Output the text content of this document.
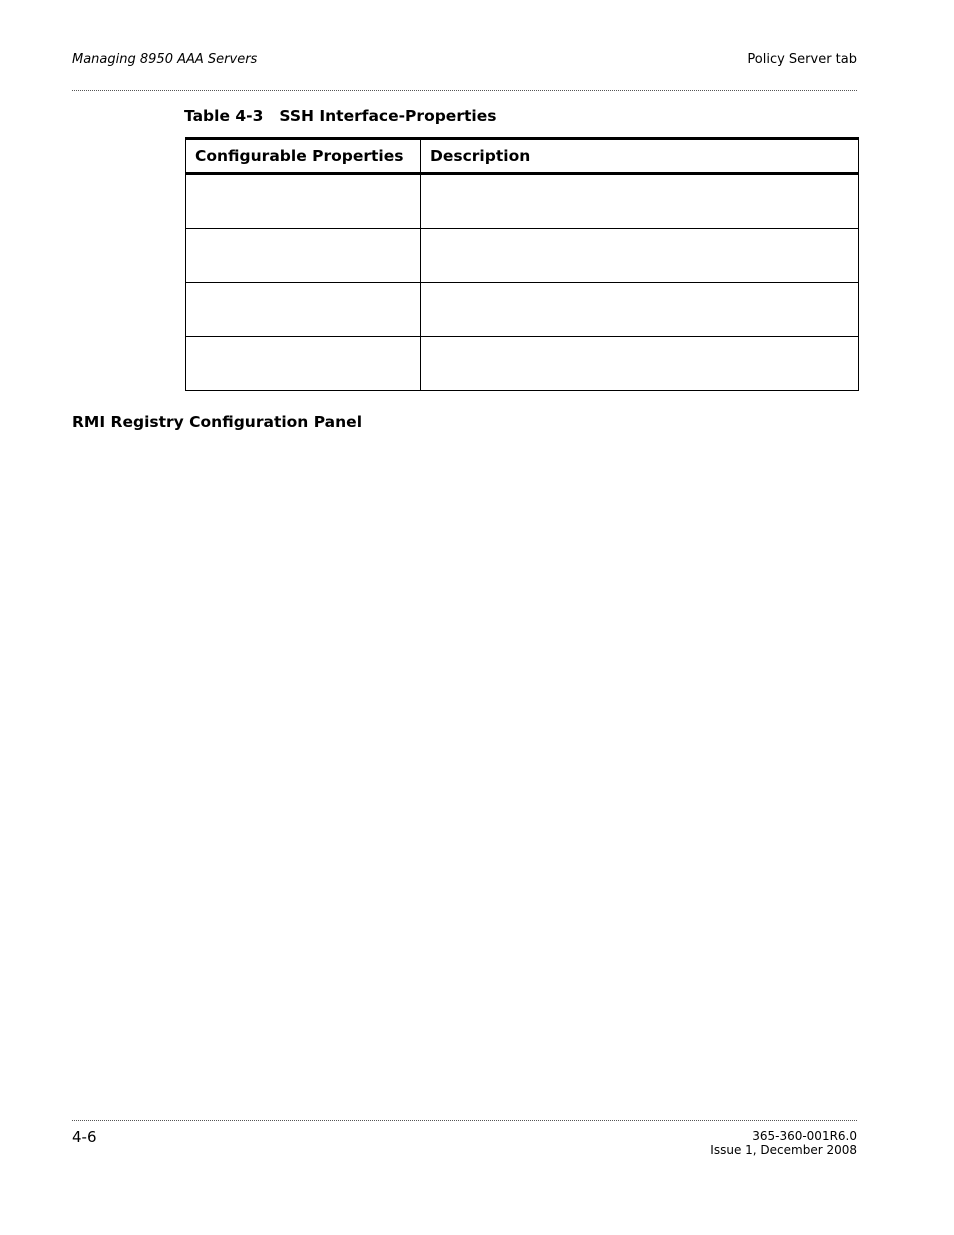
Managing 8950 AAA Servers	Policy Server tab
Table 4-3 SSH Interface-Properties
Configurable Properties	Description

RMI Registry Configuration Panel
4-6	365-360-001R6.0
Issue 1, December 2008
